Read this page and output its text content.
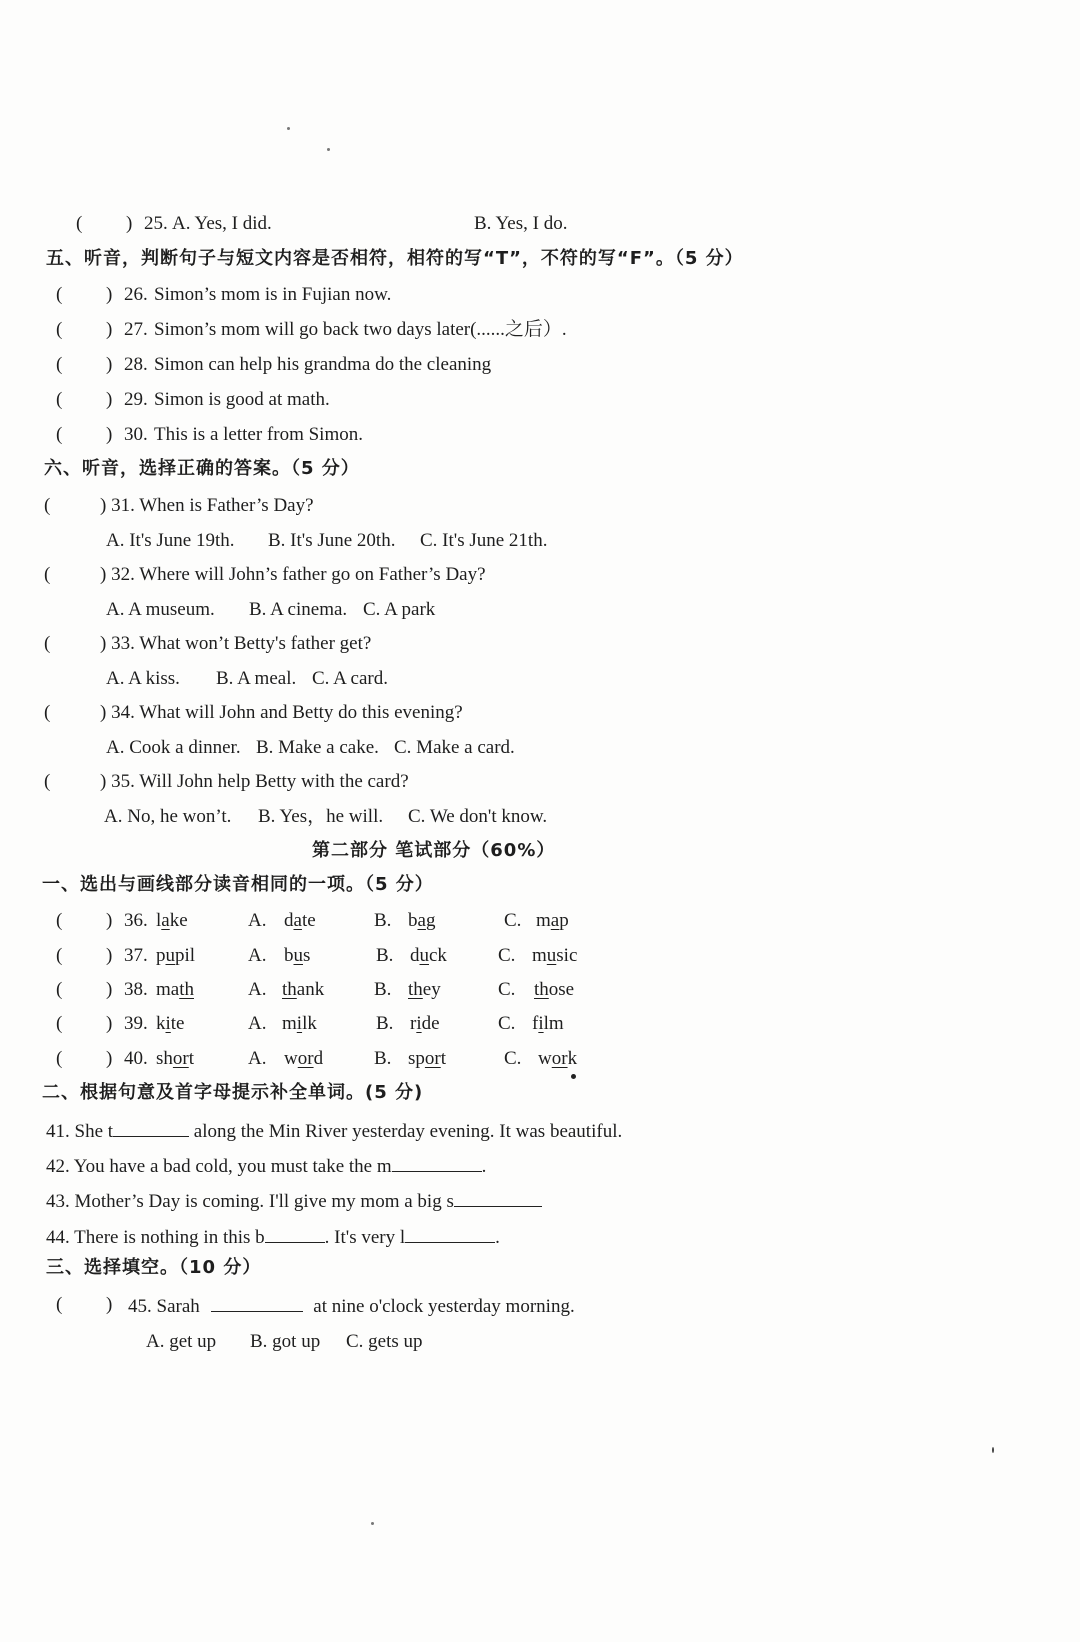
( ) 25. A. Yes, I did.	B. Yes, I do.
五、听音，判断句子与短文内容是否相符，相符的写“T”，不符的写“F”。（5 分）
( ) 26. Simon’s mom is in Fujian now.
( ) 27. Simon’s mom will go back two days later(......之后）.
( ) 28. Simon can help his grandma do the cleaning
( ) 29. Simon is good at math.
( ) 30. This is a letter from Simon.
六、听音，选择正确的答案。（5 分）
(	) 31. When is Father’s Day?
A. It's June 19th. B. It's June 20th. C. It's June 21th.
(	) 32. Where will John’s father go on Father’s Day?
A. A museum. B. A cinema. C. A park
(	) 33. What won’t Betty's father get?
A. A kiss. B. A meal. C. A card.
(	) 34. What will John and Betty do this evening?
A. Cook a dinner. B. Make a cake. C. Make a card.
(	) 35. Will John help Betty with the card?
A. No, he won’t. B. Yes，he will. C. We don't know.
第二部分 笔试部分（60%）
一、选出与画线部分读音相同的一项。（5 分）
( ) 36. lake	A. date	B. bag	C. map
( ) 37. pupil	A. bus	B. duck	C. music
( ) 38. math	A. thank	B. they	C. those
( ) 39. kite	A. milk	B. ride	C. film
( ) 40. short	A. word	B. sport	C. work
二、根据句意及首字母提示补全单词。(5 分)
41. She t	along the Min River yesterday evening. It was beautiful.
42. You have a bad cold, you must take the m	.
43. Mother’s Day is coming. I'll give my mom a big s
44. There is nothing in this b	. It's very l	.
三、选择填空。（10 分）
( ) 45. Sarah	at nine o'clock yesterday morning.
A. get up B. got up C. gets up
